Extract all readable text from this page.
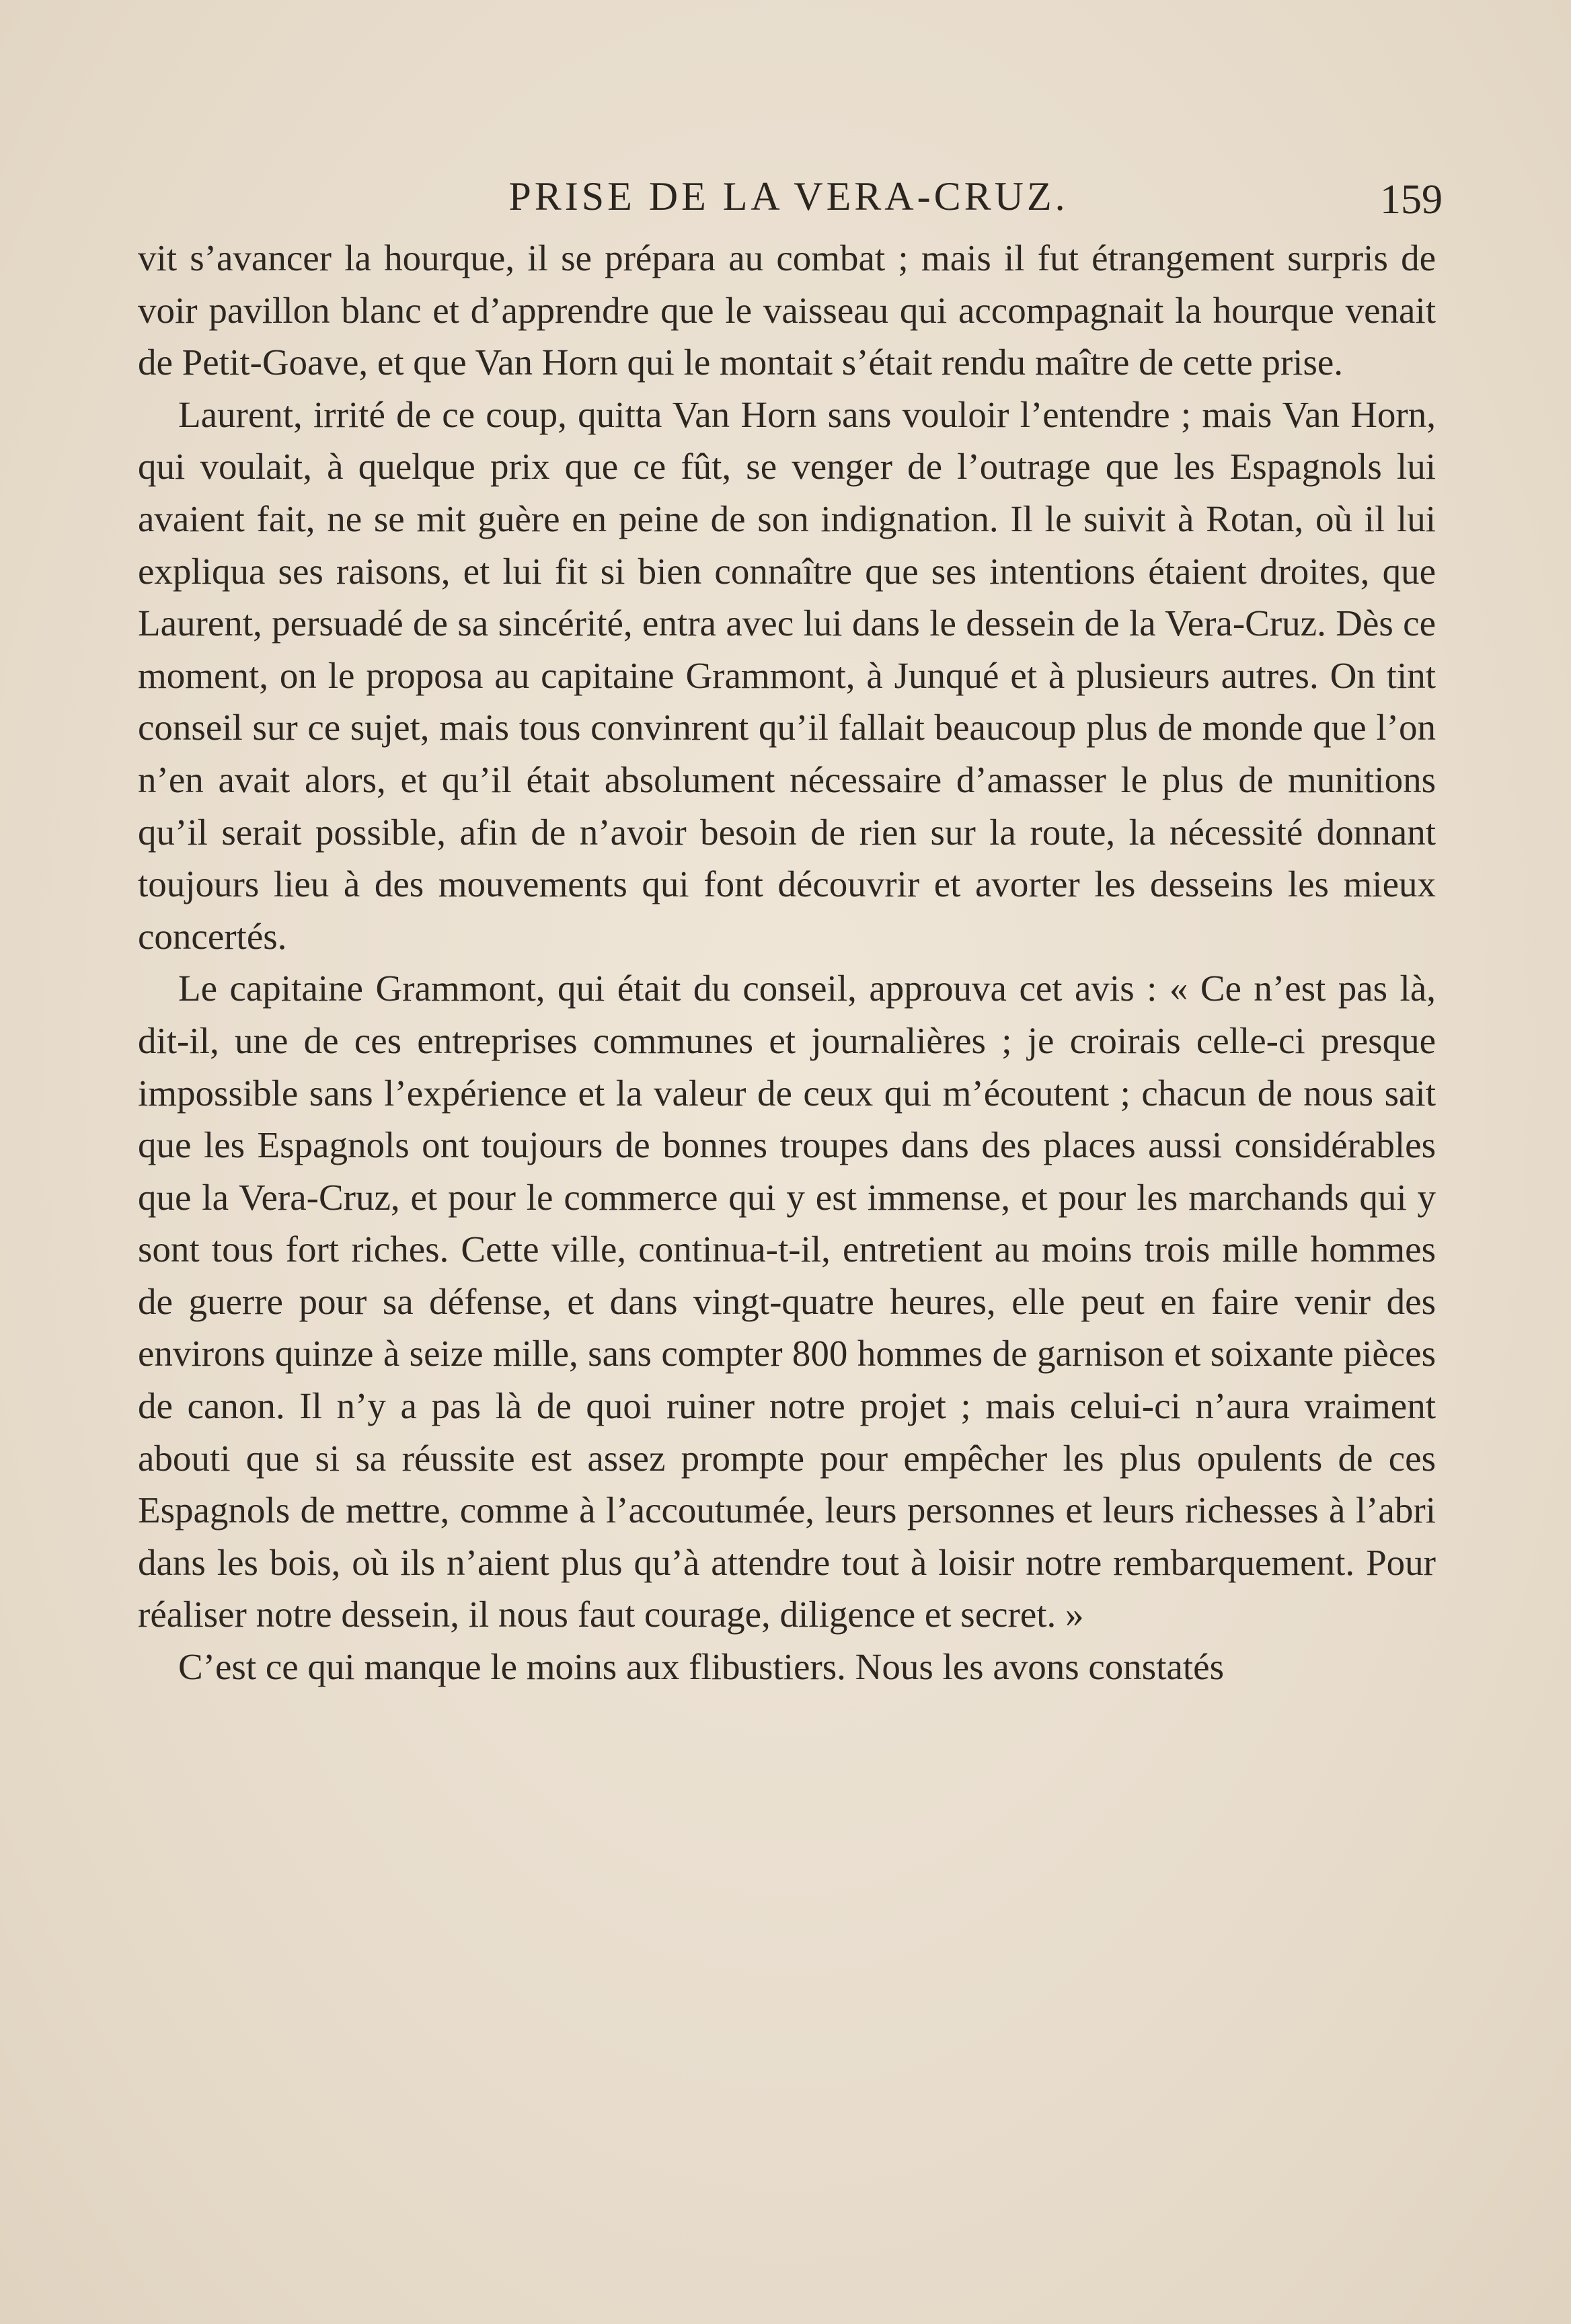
PRISE DE LA VERA-CRUZ.	159

vit s’avancer la hourque, il se prépara au combat ; mais il fut étrangement surpris de voir pavillon blanc et d’apprendre que le vaisseau qui accompagnait la hourque venait de Petit-Goave, et que Van Horn qui le montait s’était rendu maître de cette prise.

Laurent, irrité de ce coup, quitta Van Horn sans vouloir l’entendre ; mais Van Horn, qui voulait, à quelque prix que ce fût, se venger de l’outrage que les Espagnols lui avaient fait, ne se mit guère en peine de son indignation. Il le suivit à Rotan, où il lui expliqua ses raisons, et lui fit si bien connaître que ses intentions étaient droites, que Laurent, persuadé de sa sincérité, entra avec lui dans le dessein de la Vera-Cruz. Dès ce moment, on le proposa au capitaine Grammont, à Junqué et à plusieurs autres. On tint conseil sur ce sujet, mais tous convinrent qu’il fallait beaucoup plus de monde que l’on n’en avait alors, et qu’il était absolument nécessaire d’amasser le plus de munitions qu’il serait possible, afin de n’avoir besoin de rien sur la route, la nécessité donnant toujours lieu à des mouvements qui font découvrir et avorter les desseins les mieux concertés.

Le capitaine Grammont, qui était du conseil, approuva cet avis : « Ce n’est pas là, dit-il, une de ces entreprises communes et journalières ; je croirais celle-ci presque impossible sans l’expérience et la valeur de ceux qui m’écoutent ; chacun de nous sait que les Espagnols ont toujours de bonnes troupes dans des places aussi considérables que la Vera-Cruz, et pour le commerce qui y est immense, et pour les marchands qui y sont tous fort riches. Cette ville, continua-t-il, entretient au moins trois mille hommes de guerre pour sa défense, et dans vingt-quatre heures, elle peut en faire venir des environs quinze à seize mille, sans compter 800 hommes de garnison et soixante pièces de canon. Il n’y a pas là de quoi ruiner notre projet ; mais celui-ci n’aura vraiment abouti que si sa réussite est assez prompte pour empêcher les plus opulents de ces Espagnols de mettre, comme à l’accoutumée, leurs personnes et leurs richesses à l’abri dans les bois, où ils n’aient plus qu’à attendre tout à loisir notre rembarquement. Pour réaliser notre dessein, il nous faut courage, diligence et secret. »

C’est ce qui manque le moins aux flibustiers. Nous les avons constatés
